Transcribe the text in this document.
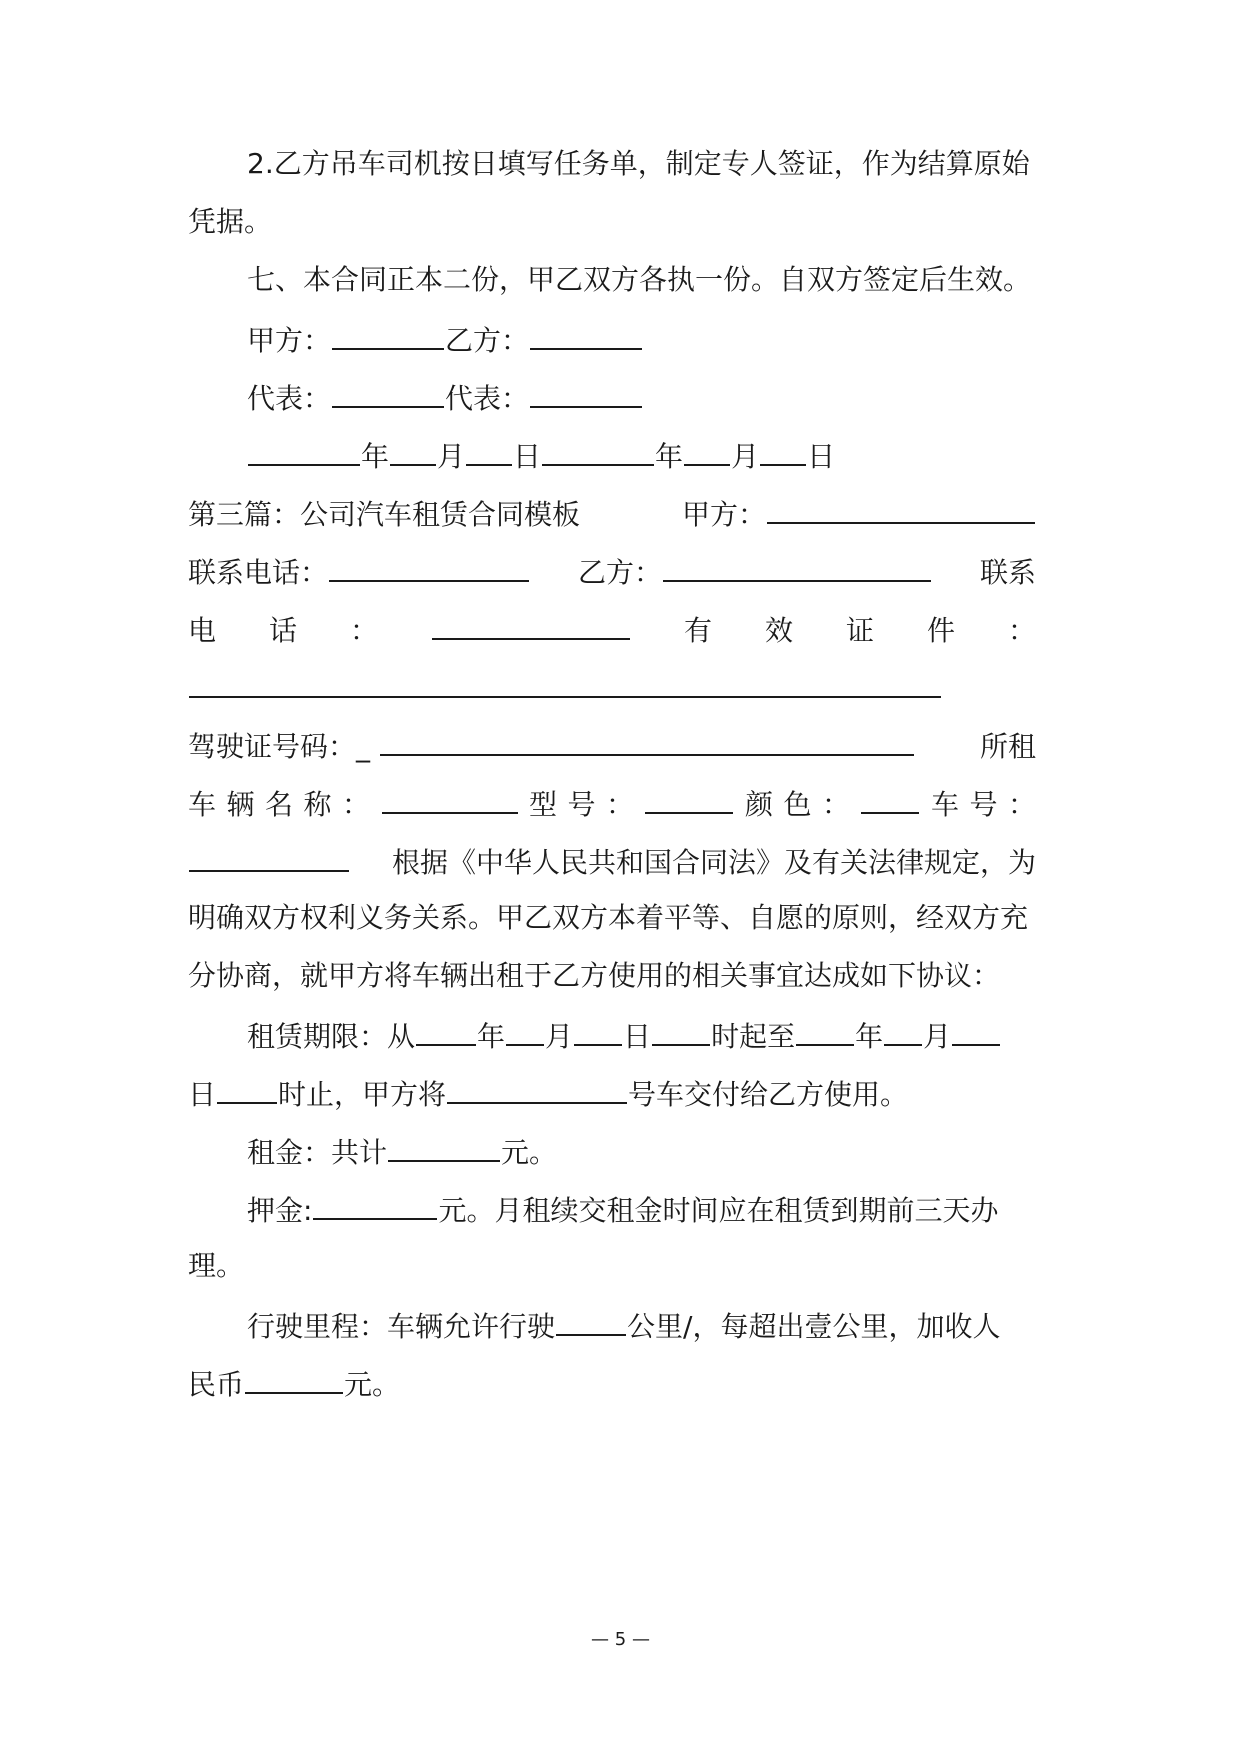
2.乙方吊车司机按日填写任务单，制定专人签证，作为结算原始
凭据。
七、本合同正本二份，甲乙双方各执一份。自双方签定后生效。
甲方：	乙方：
代表：	代表：
年 月 日	年 月 日
第三篇：公司汽车租赁合同模板	甲方：
联系电话：	乙方：	联系
电 话 ：	有 效 证 件 ：
驾驶证号码：_	所租
车 辆 名 称 ：	型 号 ：	颜 色 ：	车 号 ：
根据《中华人民共和国合同法》及有关法律规定，为
明确双方权利义务关系。甲乙双方本着平等、自愿的原则，经双方充
分协商，就甲方将车辆出租于乙方使用的相关事宜达成如下协议：
租赁期限：从 年 月 日 时起至 年 月
日 时止，甲方将	号车交付给乙方使用。
租金：共计	元。
押金:	元。月租续交租金时间应在租赁到期前三天办
理。
行驶里程：车辆允许行驶	公里/，每超出壹公里，加收人
民币	元。
— 5 —
